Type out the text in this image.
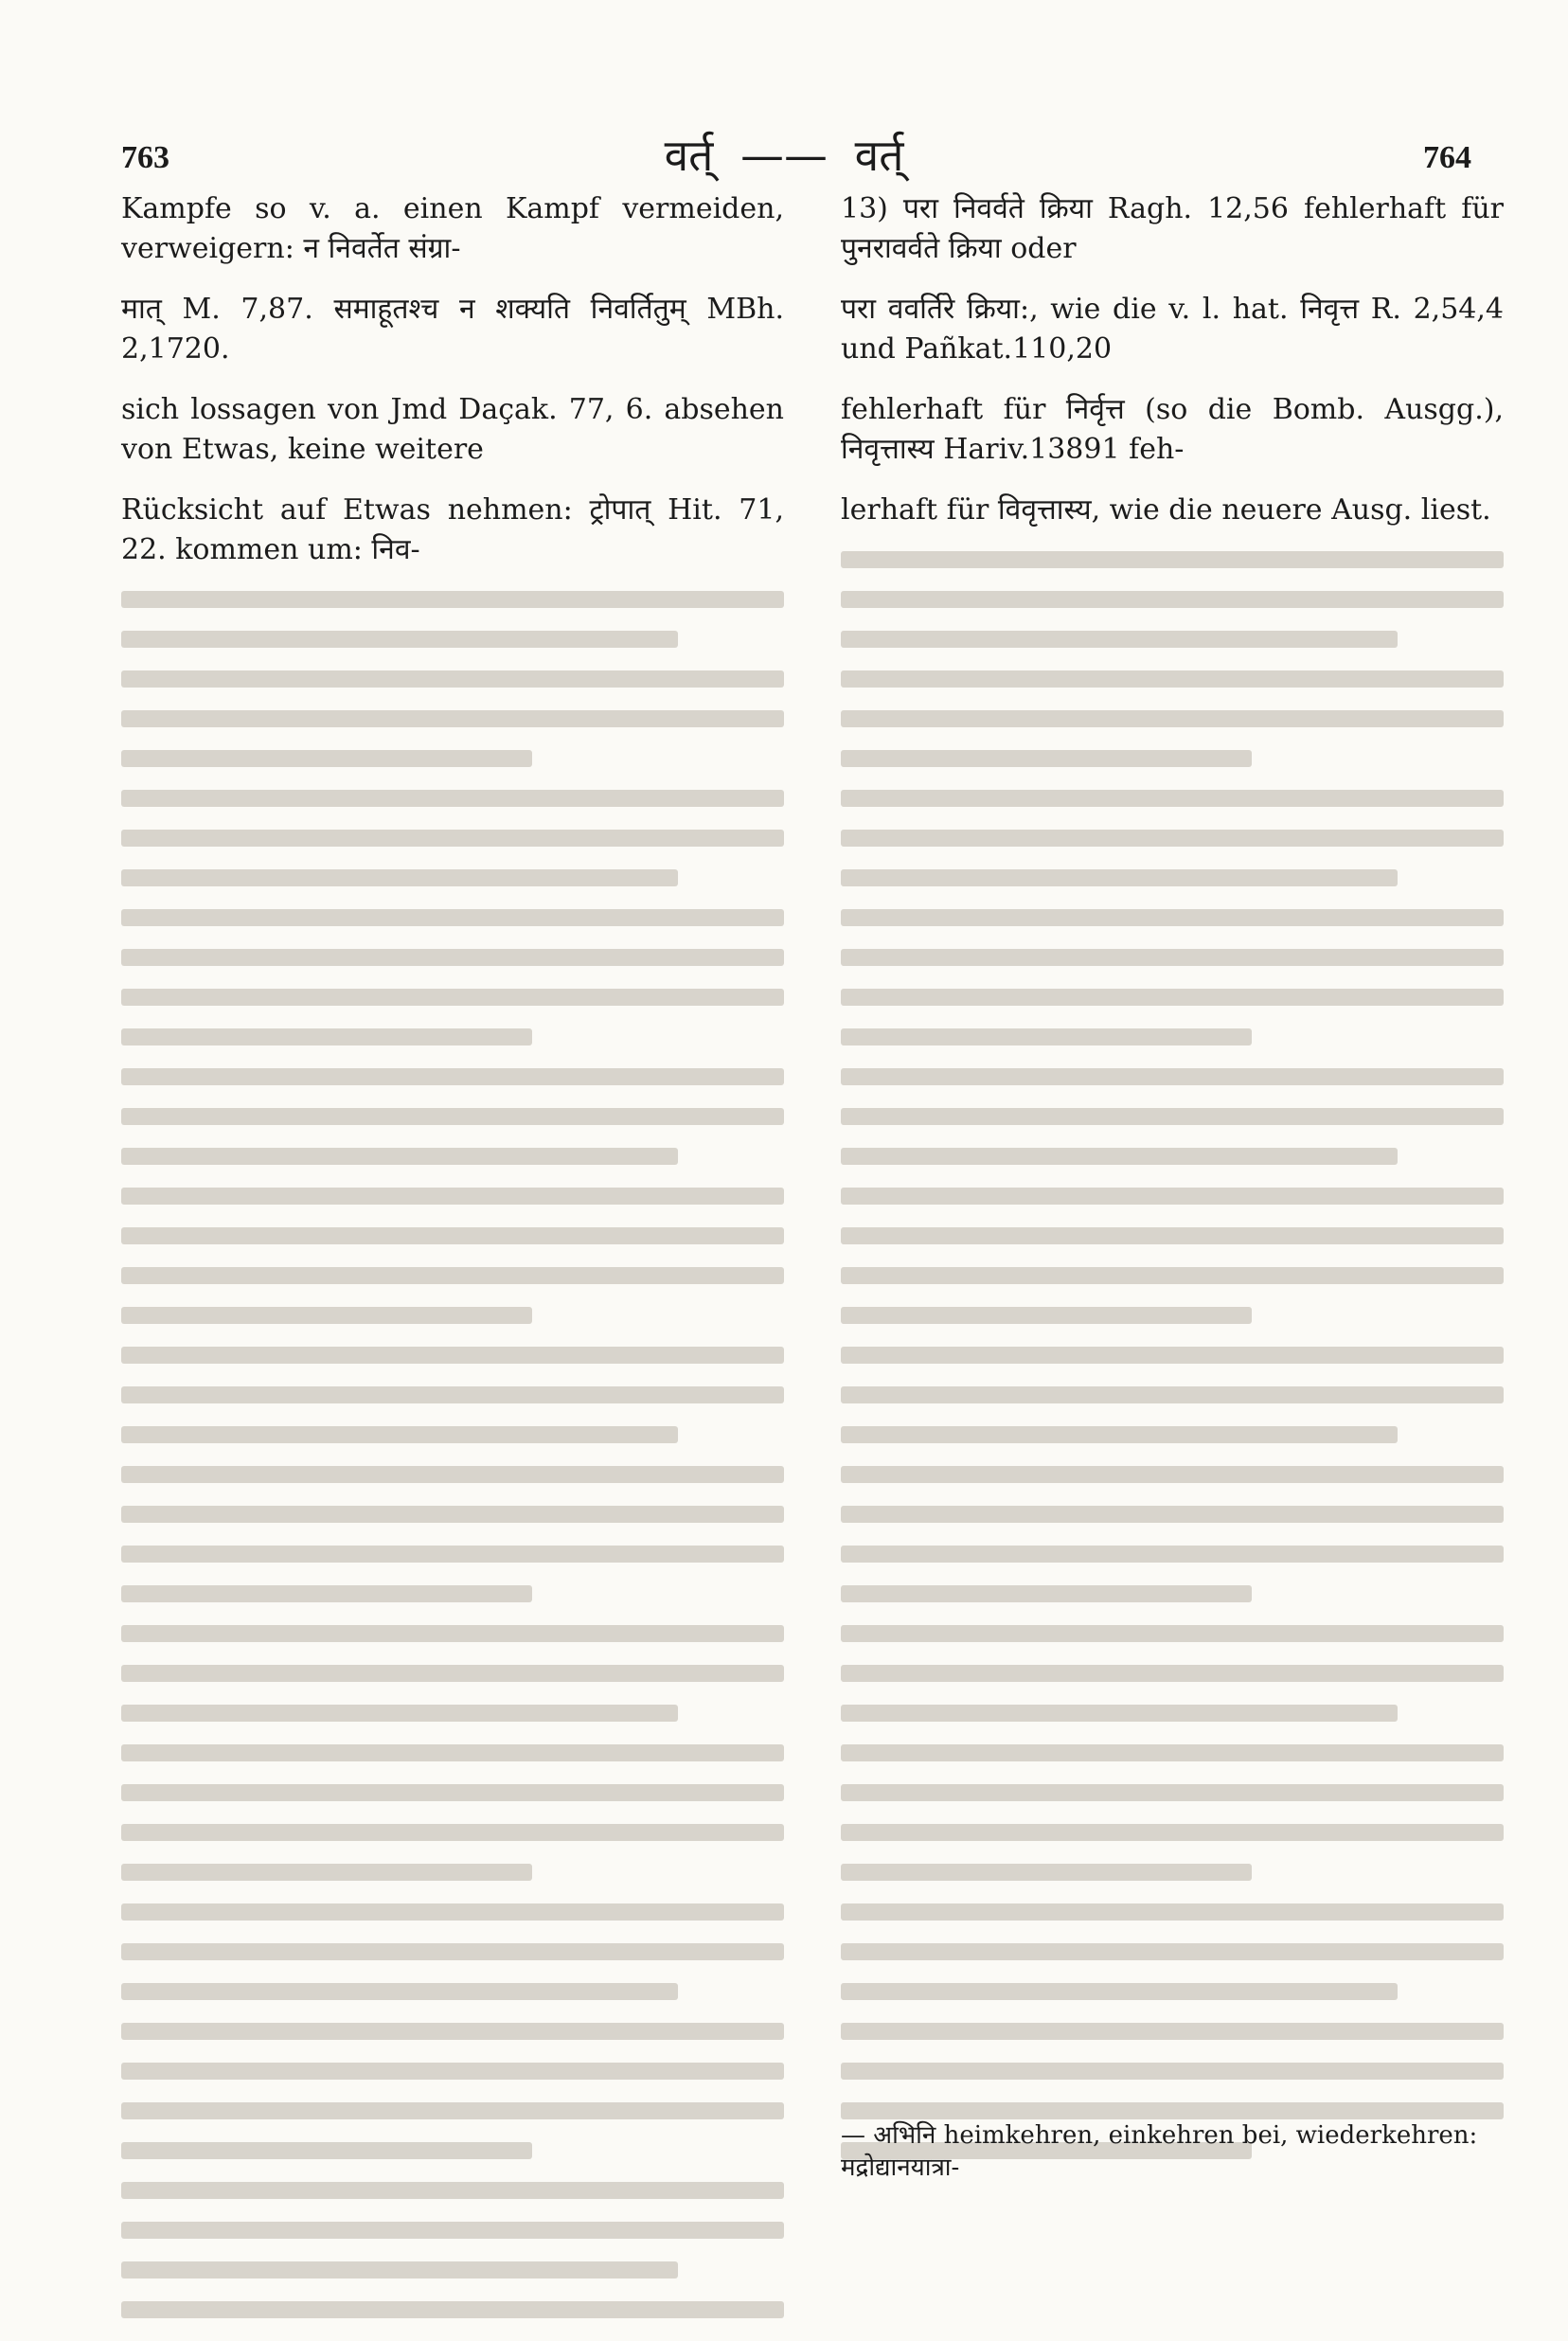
763	वर्त् —— वर्त्	764
Kampfe so v. a. einen Kampf vermeiden, verweigern: न निवर्तेत संग्रा-
मात् M. 7,87. समाहूतश्च न शक्यति निवर्तितुम् MBh. 2,1720.
sich lossagen von Jmd Daçak. 77, 6. absehen von Etwas, keine weitere
Rücksicht auf Etwas nehmen: ट्रोपात् Hit. 71, 22. kommen um: निव-
13) परा निवर्वते क्रिया Ragh. 12,56 fehlerhaft für पुनरावर्वते क्रिया oder
परा ववर्तिरे क्रिया:, wie die v. l. hat. निवृत्त R. 2,54,4 und Pañkat.110,20
fehlerhaft für निर्वृत्त (so die Bomb. Ausgg.), निवृत्तास्य Hariv.13891 feh-
lerhaft für विवृत्तास्य, wie die neuere Ausg. liest.
— अभिनि heimkehren, einkehren bei, wiederkehren: मद्रोद्यानयात्रा-
